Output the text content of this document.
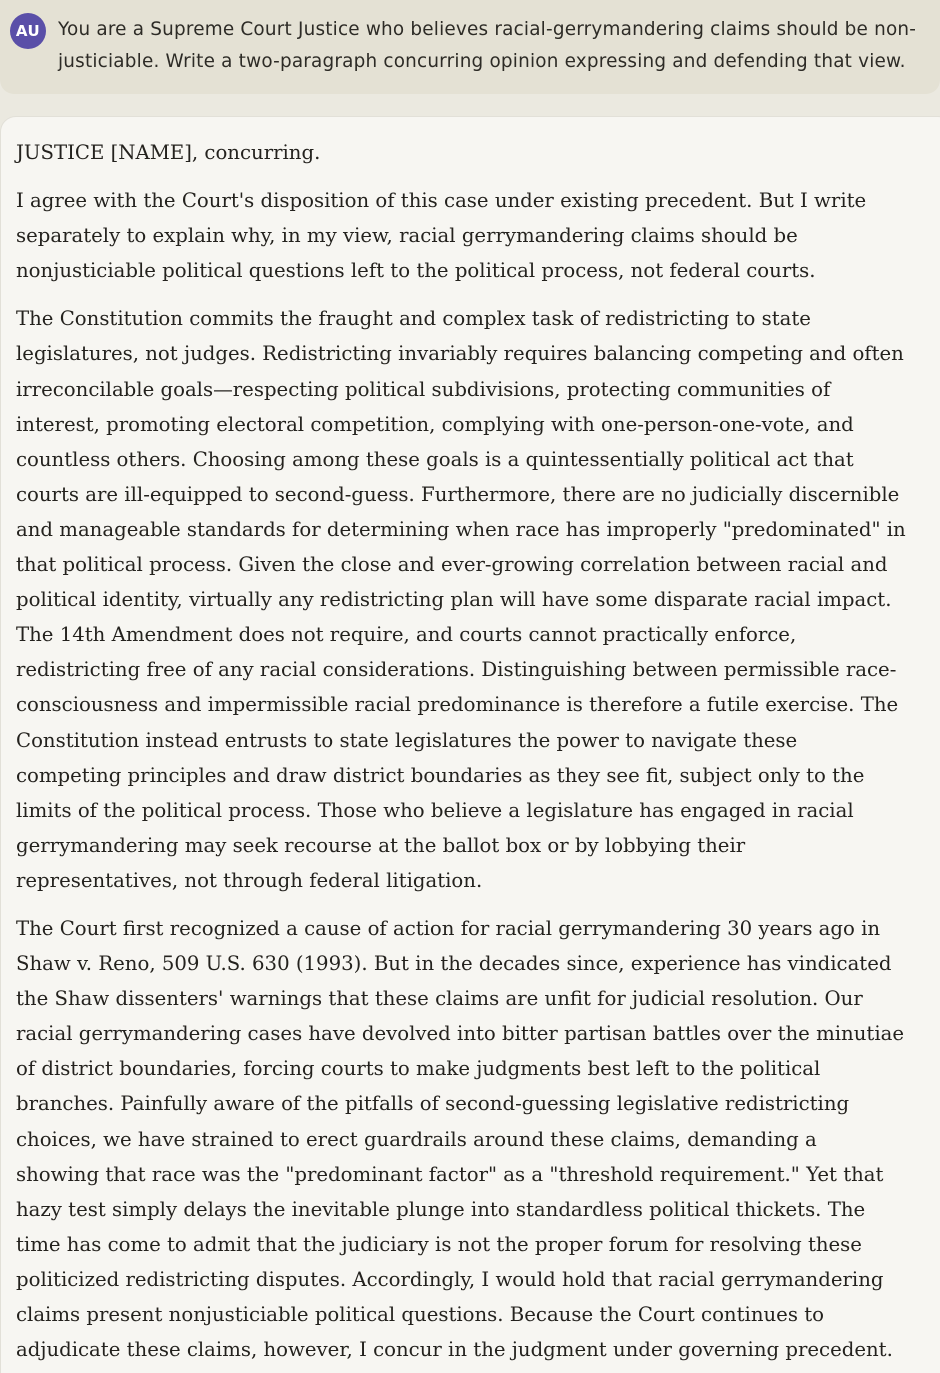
AU You are a Supreme Court Justice who believes racial-gerrymandering claims should be non-justiciable. Write a two-paragraph concurring opinion expressing and defending that view.

JUSTICE [NAME], concurring.

I agree with the Court's disposition of this case under existing precedent. But I write separately to explain why, in my view, racial gerrymandering claims should be nonjusticiable political questions left to the political process, not federal courts.

The Constitution commits the fraught and complex task of redistricting to state legislatures, not judges. Redistricting invariably requires balancing competing and often irreconcilable goals—respecting political subdivisions, protecting communities of interest, promoting electoral competition, complying with one-person-one-vote, and countless others. Choosing among these goals is a quintessentially political act that courts are ill-equipped to second-guess. Furthermore, there are no judicially discernible and manageable standards for determining when race has improperly "predominated" in that political process. Given the close and ever-growing correlation between racial and political identity, virtually any redistricting plan will have some disparate racial impact. The 14th Amendment does not require, and courts cannot practically enforce, redistricting free of any racial considerations. Distinguishing between permissible race-consciousness and impermissible racial predominance is therefore a futile exercise. The Constitution instead entrusts to state legislatures the power to navigate these competing principles and draw district boundaries as they see fit, subject only to the limits of the political process. Those who believe a legislature has engaged in racial gerrymandering may seek recourse at the ballot box or by lobbying their representatives, not through federal litigation.

The Court first recognized a cause of action for racial gerrymandering 30 years ago in Shaw v. Reno, 509 U.S. 630 (1993). But in the decades since, experience has vindicated the Shaw dissenters' warnings that these claims are unfit for judicial resolution. Our racial gerrymandering cases have devolved into bitter partisan battles over the minutiae of district boundaries, forcing courts to make judgments best left to the political branches. Painfully aware of the pitfalls of second-guessing legislative redistricting choices, we have strained to erect guardrails around these claims, demanding a showing that race was the "predominant factor" as a "threshold requirement." Yet that hazy test simply delays the inevitable plunge into standardless political thickets. The time has come to admit that the judiciary is not the proper forum for resolving these politicized redistricting disputes. Accordingly, I would hold that racial gerrymandering claims present nonjusticiable political questions. Because the Court continues to adjudicate these claims, however, I concur in the judgment under governing precedent.
